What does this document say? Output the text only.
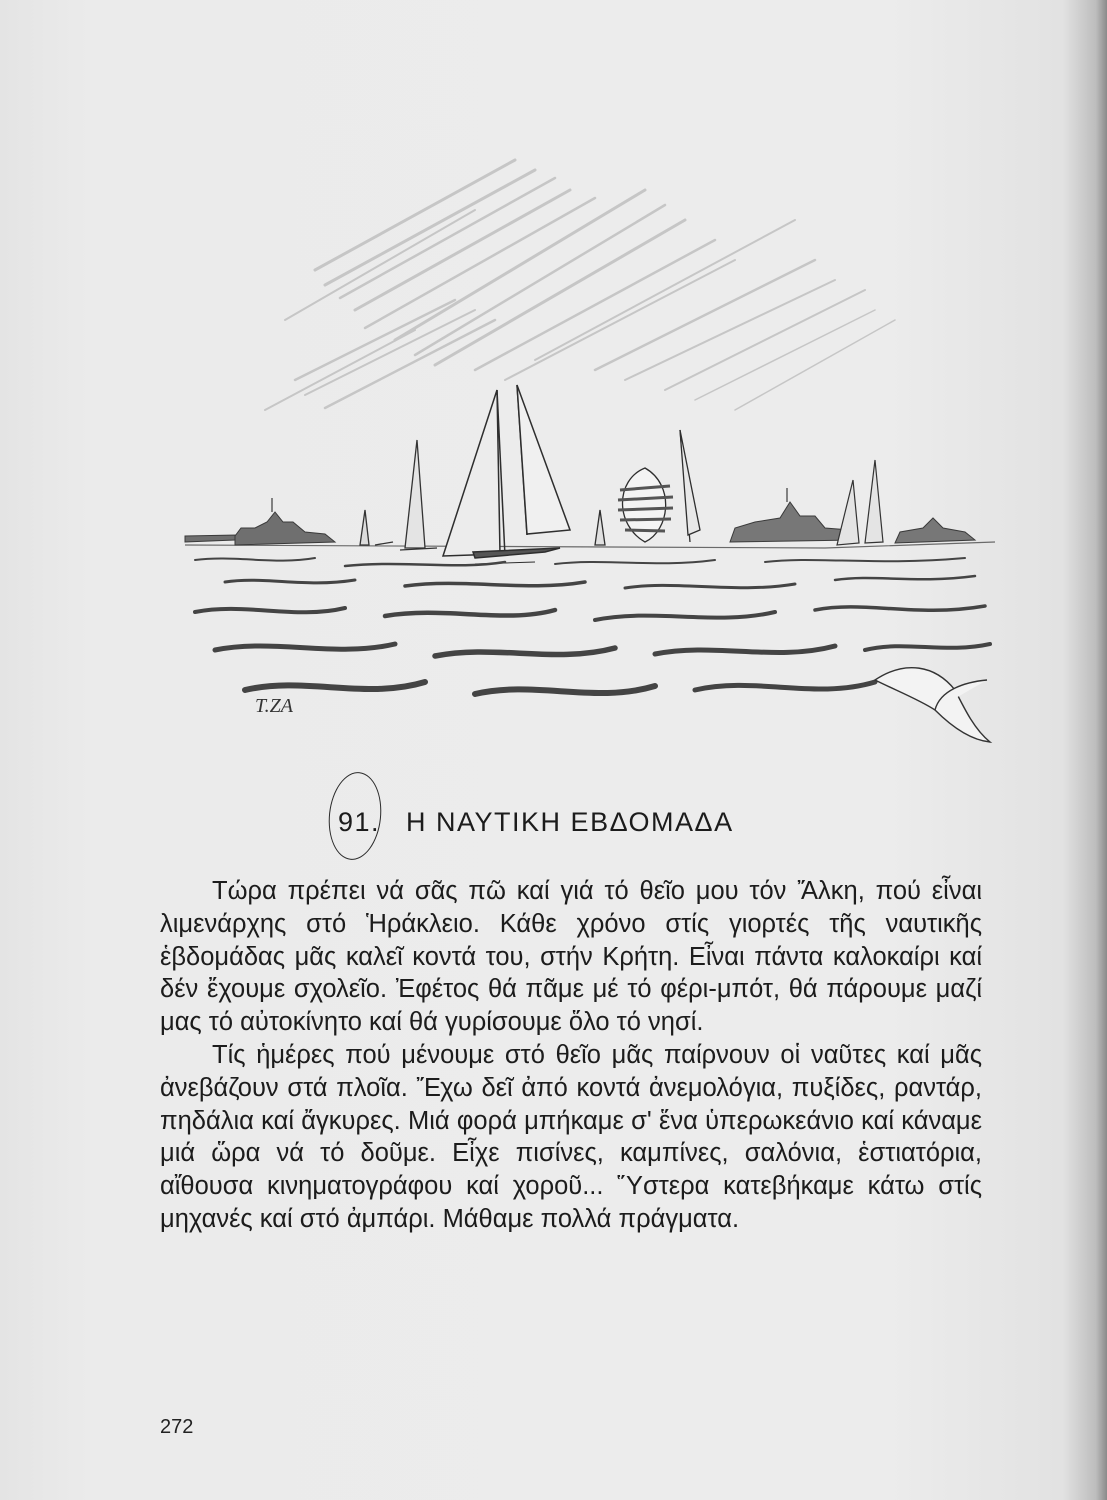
T.ZA
91. Η ΝΑΥΤΙΚΗ ΕΒΔΟΜΑΔΑ

Τώρα πρέπει νά σᾶς πῶ καί γιά τό θεῖο μου τόν Ἄλκη, πού εἶναι λιμενάρχης στό Ἡράκλειο. Κάθε χρόνο στίς γιορτές τῆς ναυτικῆς ἑβδομάδας μᾶς καλεῖ κοντά του, στήν Κρήτη. Εἶναι πάντα καλοκαίρι καί δέν ἔχουμε σχολεῖο. Ἐφέτος θά πᾶμε μέ τό φέρι-μπότ, θά πάρουμε μαζί μας τό αὐτοκίνητο καί θά γυρίσουμε ὅλο τό νησί.

Τίς ἡμέρες πού μένουμε στό θεῖο μᾶς παίρνουν οἱ ναῦτες καί μᾶς ἀνεβάζουν στά πλοῖα. Ἔχω δεῖ ἀπό κοντά ἀνεμολόγια, πυξίδες, ραντάρ, πηδάλια καί ἄγκυρες. Μιά φορά μπήκαμε σ' ἕνα ὑπερωκεάνιο καί κάναμε μιά ὥρα νά τό δοῦμε. Εἶχε πισίνες, καμπίνες, σαλόνια, ἑστιατόρια, αἴθουσα κινηματογράφου καί χοροῦ... Ὕστερα κατεβήκαμε κάτω στίς μηχανές καί στό ἀμπάρι. Μάθαμε πολλά πράγματα.

272
